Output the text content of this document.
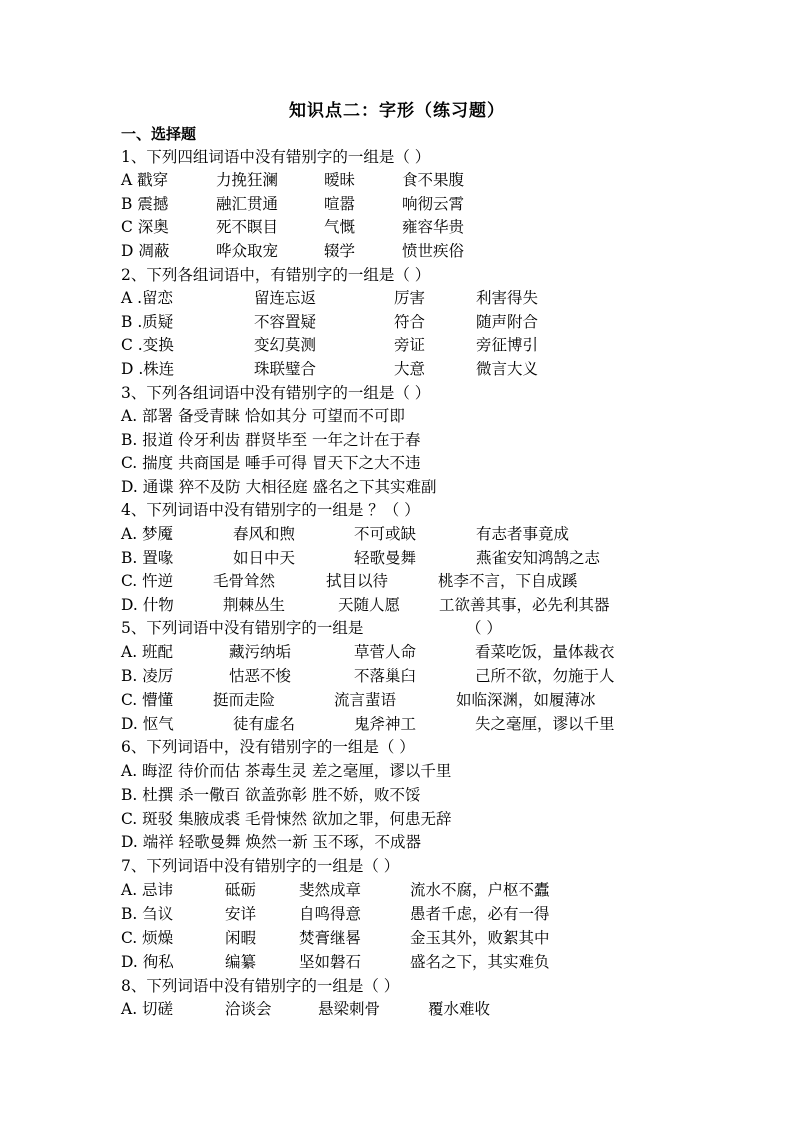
知识点二：字形（练习题）
一、选择题
1、下列四组词语中没有错别字的一组是（ ）
A 戳穿	力挽狂澜	暧昧	食不果腹
B 震撼	融汇贯通	喧嚣	响彻云霄
C 深奥	死不瞑目	气慨	雍容华贵
D 凋蔽	哗众取宠	辍学	愤世疾俗
2、下列各组词语中，有错别字的一组是（ ）
A .留恋	留连忘返	厉害	利害得失
B .质疑	不容置疑	符合	随声附合
C .变换	变幻莫测	旁证	旁征博引
D .株连	珠联璧合	大意	微言大义
3、下列各组词语中没有错别字的一组是（ ）
A. 部署 备受青睐 恰如其分 可望而不可即
B. 报道 伶牙利齿 群贤毕至 一年之计在于春
C. 揣度 共商国是 唾手可得 冒天下之大不违
D. 通谍 猝不及防 大相径庭 盛名之下其实难副
4、下列词语中没有错别字的一组是 ？（ ）
A. 梦魇	春风和煦	不可或缺	有志者事竟成
B. 置喙	如日中天	轻歌曼舞	燕雀安知鸿鹄之志
C. 忤逆	毛骨耸然	拭目以待	桃李不言，下自成蹊
D. 什物	荆棘丛生	天随人愿	工欲善其事，必先利其器
5、下列词语中没有错别字的一组是	（ ）
A. 班配	藏污纳垢	草菅人命	看菜吃饭，量体裁衣
B. 凌厉	怙恶不悛	不落巢臼	己所不欲，勿施于人
C. 懵懂	挺而走险	流言蜚语	如临深渊，如履薄冰
D. 怄气	徒有虚名	鬼斧神工	失之毫厘，谬以千里
6、下列词语中，没有错别字的一组是（ ）
A. 晦涩 待价而估 茶毒生灵 差之毫厘，谬以千里
B. 杜撰 杀一儆百 欲盖弥彰 胜不娇，败不馁
C. 斑驳 集腋成裘 毛骨悚然 欲加之罪，何患无辞
D. 端祥 轻歌曼舞 焕然一新 玉不琢，不成器
7、下列词语中没有错别字的一组是（ ）
A. 忌讳	砥砺	斐然成章	流水不腐，户枢不蠹
B. 刍议	安详	自鸣得意	愚者千虑，必有一得
C. 烦燥	闲暇	焚膏继晷	金玉其外，败絮其中
D. 徇私	编纂	坚如磐石	盛名之下，其实难负
8、下列词语中没有错别字的一组是（ ）
A. 切磋	洽谈会	悬梁刺骨	覆水难收
